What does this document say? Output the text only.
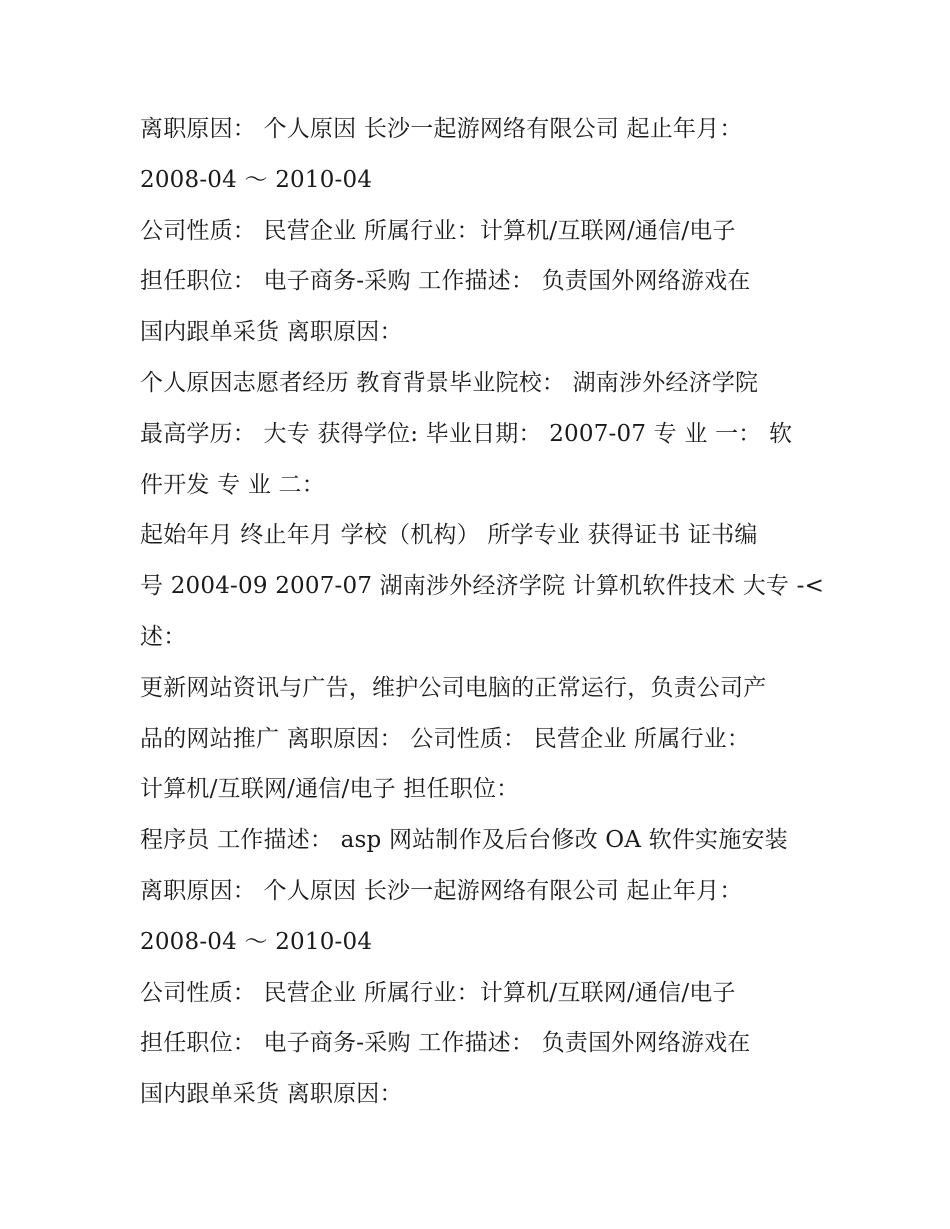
离职原因： 个人原因 长沙一起游网络有限公司 起止年月：
2008-04 ～ 2010-04
公司性质： 民营企业 所属行业：计算机/互联网/通信/电子
担任职位： 电子商务-采购 工作描述： 负责国外网络游戏在
国内跟单采货 离职原因：
个人原因志愿者经历 教育背景毕业院校： 湖南涉外经济学院
最高学历： 大专 获得学位: 毕业日期： 2007-07 专 业 一： 软
件开发 专 业 二：
起始年月 终止年月 学校（机构） 所学专业 获得证书 证书编
号 2004-09 2007-07 湖南涉外经济学院 计算机软件技术 大专 -<
述：
更新网站资讯与广告，维护公司电脑的正常运行，负责公司产
品的网站推广 离职原因： 公司性质： 民营企业 所属行业：
计算机/互联网/通信/电子 担任职位：
程序员 工作描述： asp 网站制作及后台修改 OA 软件实施安装
离职原因： 个人原因 长沙一起游网络有限公司 起止年月：
2008-04 ～ 2010-04
公司性质： 民营企业 所属行业：计算机/互联网/通信/电子
担任职位： 电子商务-采购 工作描述： 负责国外网络游戏在
国内跟单采货 离职原因：
